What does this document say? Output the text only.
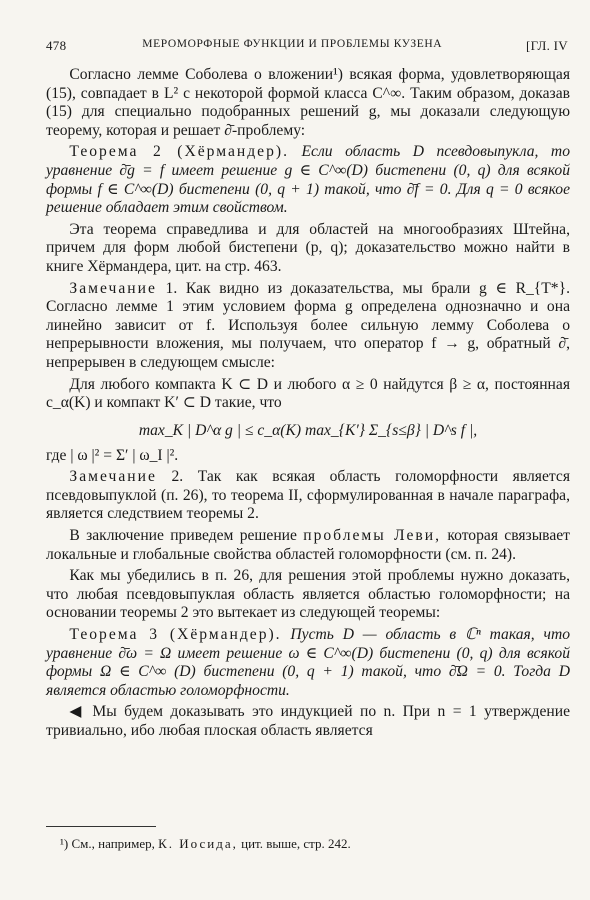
478	МЕРОМОРФНЫЕ ФУНКЦИИ И ПРОБЛЕМЫ КУЗЕНА	[ГЛ. IV

Согласно лемме Соболева о вложении¹) всякая форма, удовлетворяющая (15), совпадает в L² с некоторой формой класса C^∞. Таким образом, доказав (15) для специально подобранных решений g, мы доказали следующую теорему, которая и решает ∂̄-проблему:

Теорема 2 (Хёрмандер). Если область D псевдовыпукла, то уравнение ∂̄g = f имеет решение g ∈ C^∞(D) бистепени (0, q) для всякой формы f ∈ C^∞(D) бистепени (0, q + 1) такой, что ∂̄f = 0. Для q = 0 всякое решение обладает этим свойством.

Эта теорема справедлива и для областей на многообразиях Штейна, причем для форм любой бистепени (p, q); доказательство можно найти в книге Хёрмандера, цит. на стр. 463.

Замечание 1. Как видно из доказательства, мы брали g ∈ R_{T*}. Согласно лемме 1 этим условием форма g определена однозначно и она линейно зависит от f. Используя более сильную лемму Соболева о непрерывности вложения, мы получаем, что оператор f → g, обратный ∂̄, непрерывен в следующем смысле:

Для любого компакта K ⊂ D и любого α ≥ 0 найдутся β ≥ α, постоянная c_α(K) и компакт K′ ⊂ D такие, что

max_K | D^α g | ≤ c_α(K) max_{K′} Σ_{s≤β} | D^s f |,

где | ω |² = Σ′ | ω_I |².

Замечание 2. Так как всякая область голоморфности является псевдовыпуклой (п. 26), то теорема II, сформулированная в начале параграфа, является следствием теоремы 2.

В заключение приведем решение проблемы Леви, которая связывает локальные и глобальные свойства областей голоморфности (см. п. 24).

Как мы убедились в п. 26, для решения этой проблемы нужно доказать, что любая псевдовыпуклая область является областью голоморфности; на основании теоремы 2 это вытекает из следующей теоремы:

Теорема 3 (Хёрмандер). Пусть D — область в ℂⁿ такая, что уравнение ∂̄ω = Ω имеет решение ω ∈ C^∞(D) бистепени (0, q) для всякой формы Ω ∈ C^∞ (D) бистепени (0, q + 1) такой, что ∂̄Ω = 0. Тогда D является областью голоморфности.

◀ Мы будем доказывать это индукцией по n. При n = 1 утверждение тривиально, ибо любая плоская область является

¹) См., например, К. Иосида, цит. выше, стр. 242.
